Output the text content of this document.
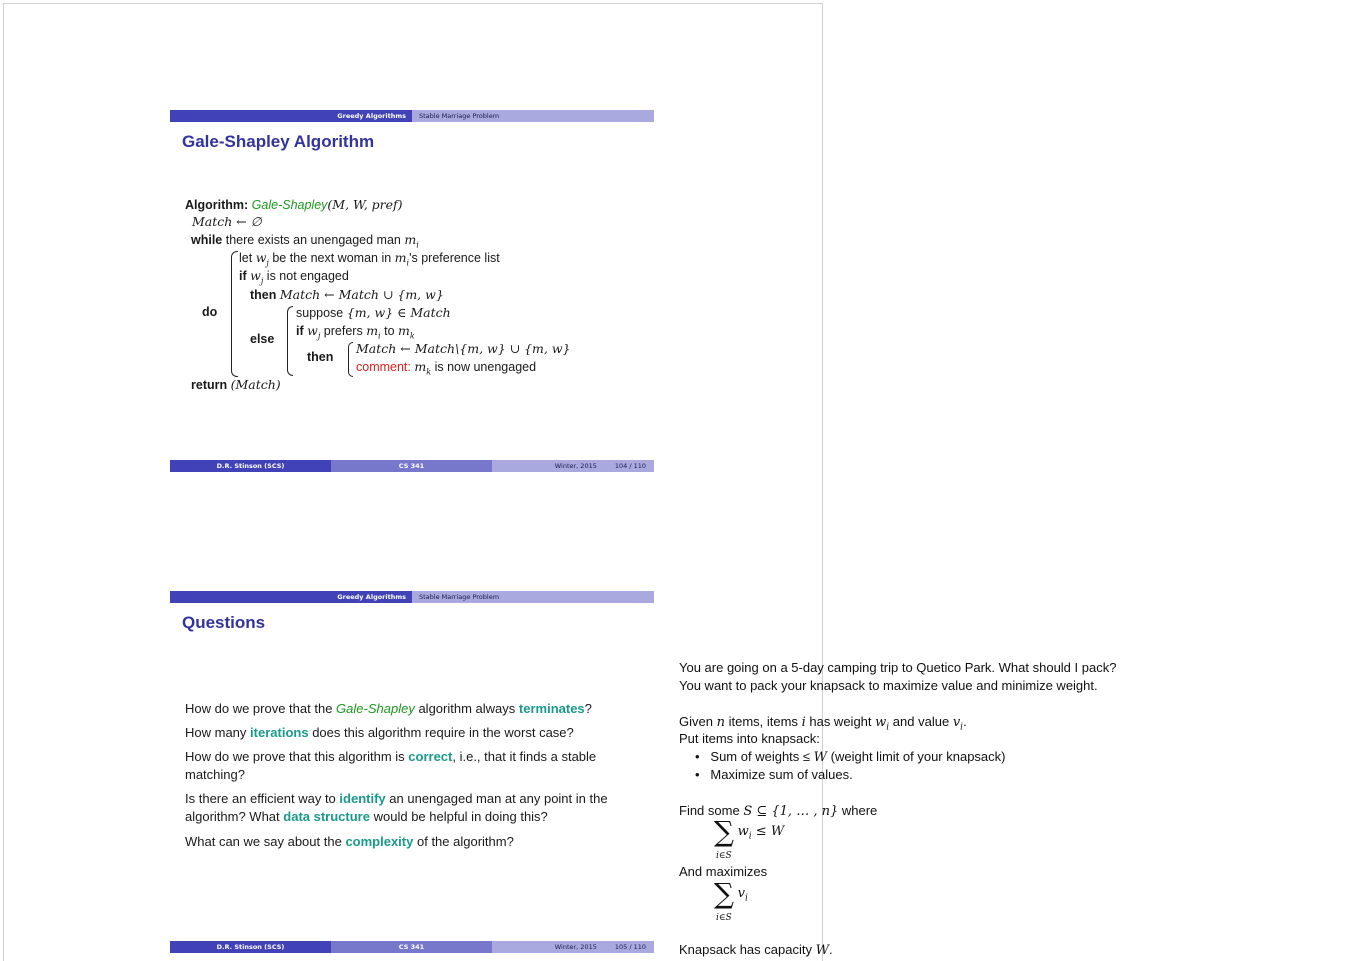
Greedy Algorithms	Stable Marriage Problem
Gale-Shapley Algorithm
Algorithm: Gale-Shapley(M, W, pref)
Match ← ∅
while there exists an unengaged man $m_i$
do
let $w_j$ be the next woman in $m_i's$ preference list
if $w_j$ is not engaged
then Match ← Match ∪ {m, w}
else
suppose {m, w} ∈ Match
if $w_j$ prefers $m_i$ to $m_k$
then
Match ← Match\{m, w} ∪ {m, w}
comment: $m_k$ is now unengaged
return (Match)
D.R. Stinson (SCS)	CS 341	Winter, 2015	104 / 110
Greedy Algorithms	Stable Marriage Problem
Questions
How do we prove that the Gale-Shapley algorithm always terminates?
How many iterations does this algorithm require in the worst case?
How do we prove that this algorithm is correct, i.e., that it finds a stable matching?
Is there an efficient way to identify an unengaged man at any point in the algorithm? What data structure would be helpful in doing this?
What can we say about the complexity of the algorithm?
D.R. Stinson (SCS)	CS 341	Winter, 2015	105 / 110
You are going on a 5-day camping trip to Quetico Park. What should I pack?
You want to pack your knapsack to maximize value and minimize weight.
Given n items, items i has weight $w_i$ and value $v_i$.
Put items into knapsack:
• Sum of weights ≤ W (weight limit of your knapsack)
• Maximize sum of values.
Find some S ⊆ {1, … , n} where
∑ $w_i \le W$
i∈S
And maximizes
∑ $v_i$
i∈S
Knapsack has capacity W.
